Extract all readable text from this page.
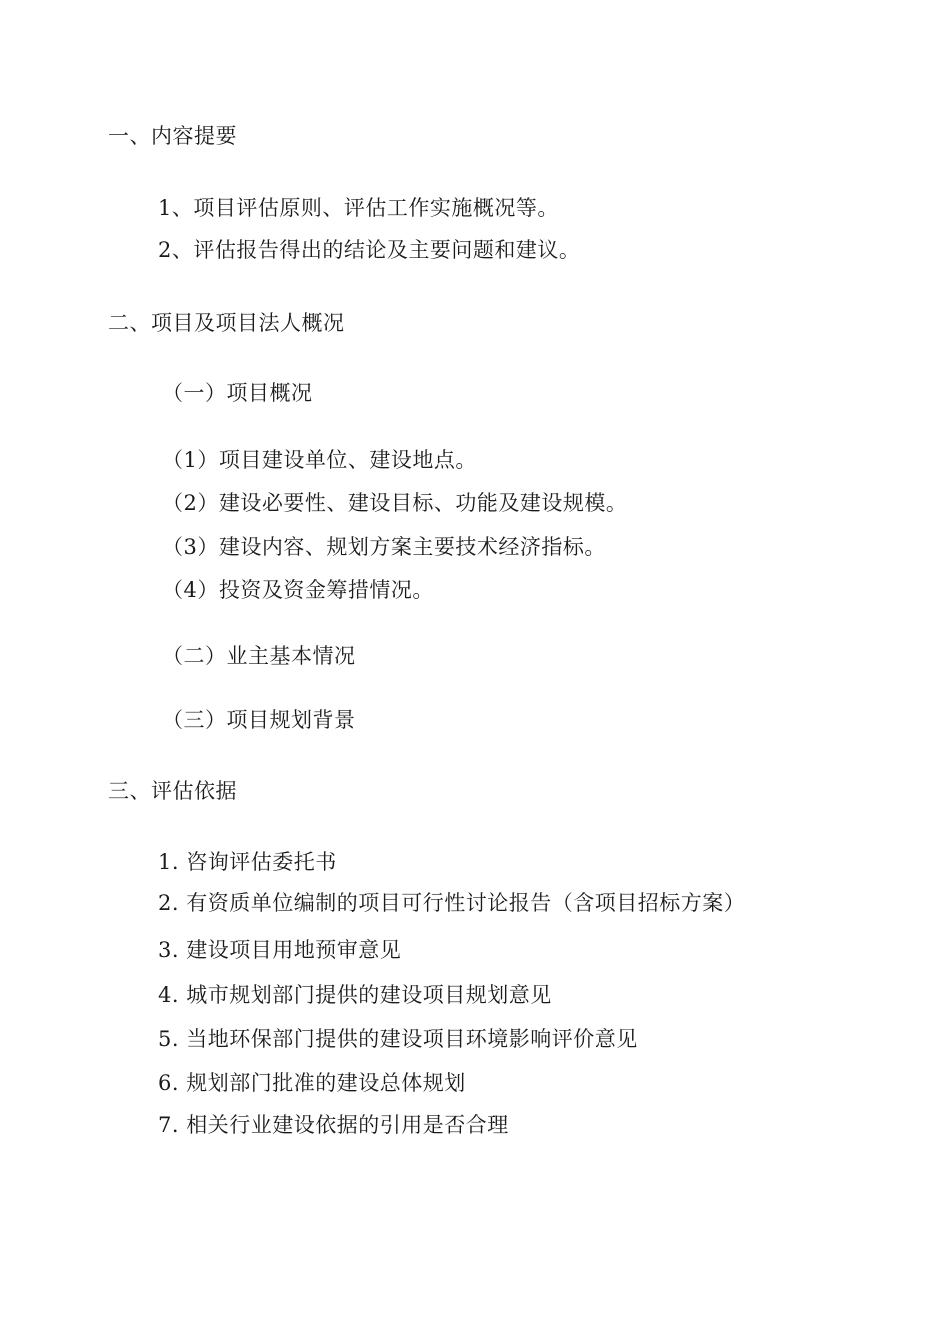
一、内容提要
1、项目评估原则、评估工作实施概况等。
2、评估报告得出的结论及主要问题和建议。
二、项目及项目法人概况
（一）项目概况
（1）项目建设单位、建设地点。
（2）建设必要性、建设目标、功能及建设规模。
（3）建设内容、规划方案主要技术经济指标。
（4）投资及资金筹措情况。
（二）业主基本情况
（三）项目规划背景
三、评估依据
1. 咨询评估委托书
2. 有资质单位编制的项目可行性讨论报告（含项目招标方案）
3. 建设项目用地预审意见
4. 城市规划部门提供的建设项目规划意见
5. 当地环保部门提供的建设项目环境影响评价意见
6. 规划部门批准的建设总体规划
7. 相关行业建设依据的引用是否合理
